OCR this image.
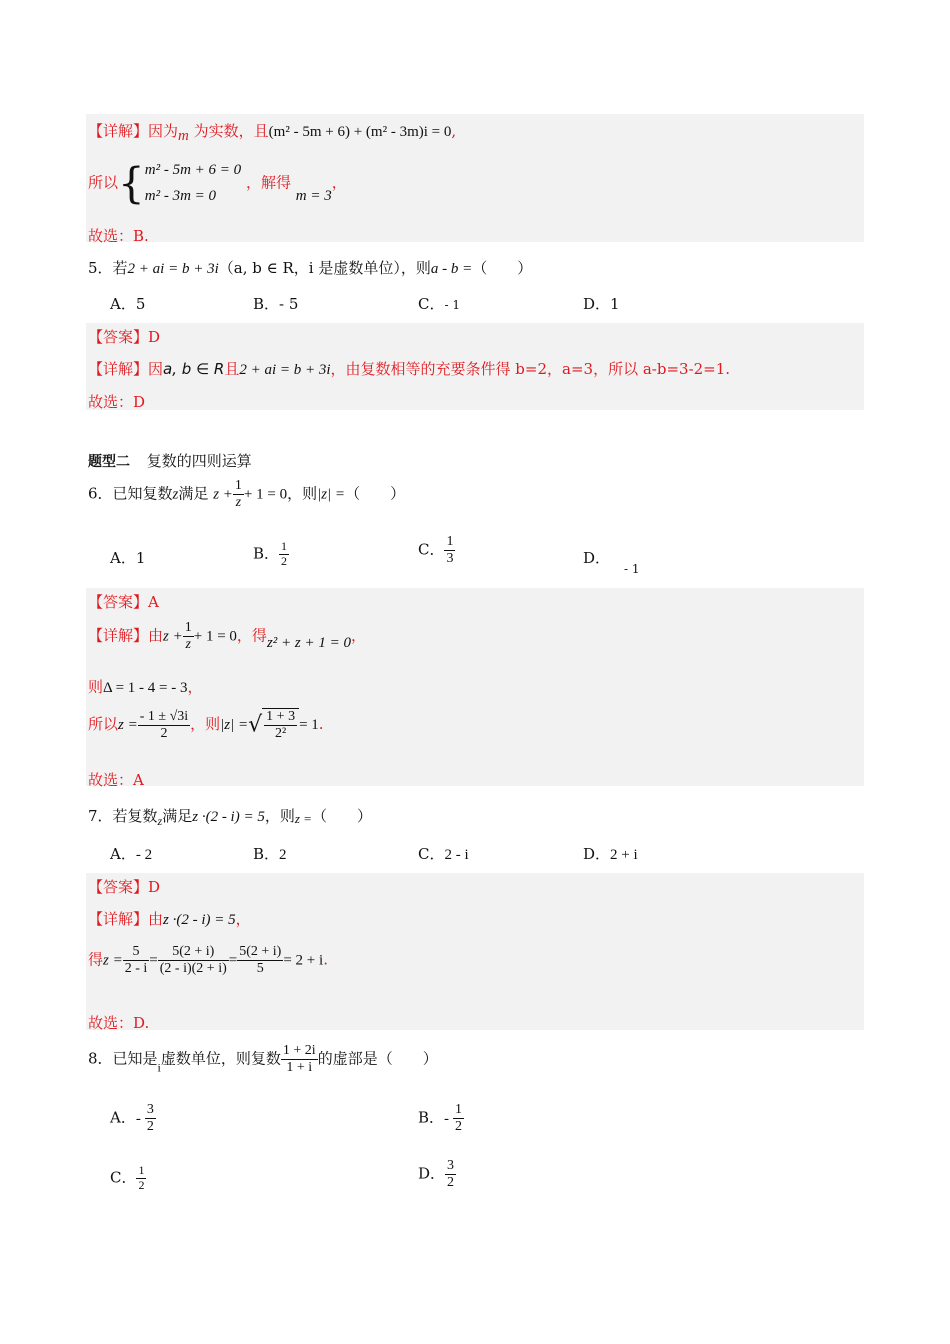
【详解】因为m 为实数，且(m² - 5m + 6) + (m² - 3m)i = 0,
所以{ m² - 5m + 6 = 0
m² - 3m = 0
，解得 m = 3，
故选：B.
5．若2 + ai = b + 3i（a, b ∈ R，i 是虚数单位），则a - b =（　　）
A．5	B．- 5	C．- 1	D．1
【答案】D
【详解】因a, b ∈ R且2 + ai = b + 3i，由复数相等的充要条件得 b=2，a=3，所以 a-b=3-2=1.
故选：D
题型二 复数的四则运算
6．已知复数z满足 $z + \frac{1}{z} + 1 = 0$，则|z| =（　　）
A．1	B． $\frac{1}{2}$	C． $\frac{1}{3}$	D．$_{- 1}$
【答案】A
【详解】由$z + \frac{1}{z} + 1 = 0$，得z² + z + 1 = 0，
则Δ = 1 - 4 = - 3，
所以$z = \frac{- 1 \pm √3i}{2}$ ，则|z| =√ $\frac{1 + 3}{\text{2²}} = 1$.
故选：A
7．若复数$_z$满足z ·(2 - i) = 5，则z =（　　）
A．- 2	B．2	C．2 - i	D．2 + i
【答案】D
【详解】由z ·(2 - i) = 5，
得$z = \frac{5}{2 - i} = \frac{5(2 + i)}{(2 - i)(2 + i)} = \frac{5(2 + i)}{5} = 2 + i$.
故选：D.
8．已知是$_i$虚数单位，则复数 $\frac{1 + 2i}{1 + i}$ 的虚部是（　　）
A．- $\frac{3}{2}$	B．- $\frac{1}{2}$
C． $\frac{1}{2}$	D． $\frac{3}{2}$
